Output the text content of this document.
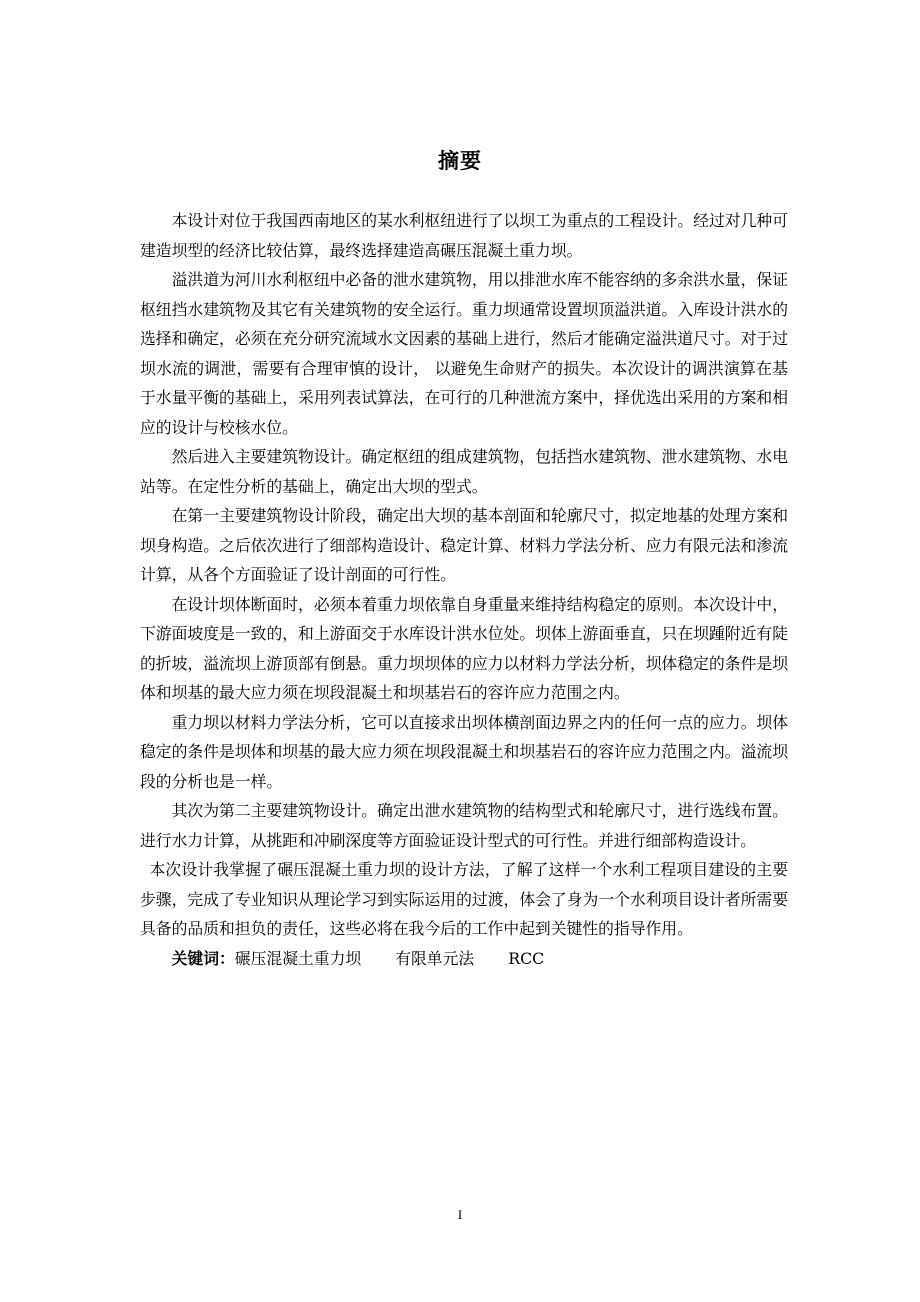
摘要

本设计对位于我国西南地区的某水利枢纽进行了以坝工为重点的工程设计。经过对几种可建造坝型的经济比较估算，最终选择建造高碾压混凝土重力坝。

溢洪道为河川水利枢纽中必备的泄水建筑物，用以排泄水库不能容纳的多余洪水量，保证枢纽挡水建筑物及其它有关建筑物的安全运行。重力坝通常设置坝顶溢洪道。入库设计洪水的选择和确定，必须在充分研究流域水文因素的基础上进行，然后才能确定溢洪道尺寸。对于过坝水流的调泄，需要有合理审慎的设计， 以避免生命财产的损失。本次设计的调洪演算在基于水量平衡的基础上，采用列表试算法，在可行的几种泄流方案中，择优选出采用的方案和相应的设计与校核水位。

然后进入主要建筑物设计。确定枢纽的组成建筑物，包括挡水建筑物、泄水建筑物、水电站等。在定性分析的基础上，确定出大坝的型式。

在第一主要建筑物设计阶段，确定出大坝的基本剖面和轮廓尺寸，拟定地基的处理方案和坝身构造。之后依次进行了细部构造设计、稳定计算、材料力学法分析、应力有限元法和渗流计算，从各个方面验证了设计剖面的可行性。

在设计坝体断面时，必须本着重力坝依靠自身重量来维持结构稳定的原则。本次设计中，下游面坡度是一致的，和上游面交于水库设计洪水位处。坝体上游面垂直，只在坝踵附近有陡的折坡，溢流坝上游顶部有倒悬。重力坝坝体的应力以材料力学法分析，坝体稳定的条件是坝体和坝基的最大应力须在坝段混凝土和坝基岩石的容许应力范围之内。

重力坝以材料力学法分析，它可以直接求出坝体横剖面边界之内的任何一点的应力。坝体稳定的条件是坝体和坝基的最大应力须在坝段混凝土和坝基岩石的容许应力范围之内。溢流坝段的分析也是一样。

其次为第二主要建筑物设计。确定出泄水建筑物的结构型式和轮廓尺寸，进行选线布置。进行水力计算，从挑距和冲刷深度等方面验证设计型式的可行性。并进行细部构造设计。

本次设计我掌握了碾压混凝土重力坝的设计方法，了解了这样一个水利工程项目建设的主要步骤，完成了专业知识从理论学习到实际运用的过渡，体会了身为一个水利项目设计者所需要具备的品质和担负的责任，这些必将在我今后的工作中起到关键性的指导作用。

关键词：碾压混凝土重力坝 有限单元法 RCC

I
